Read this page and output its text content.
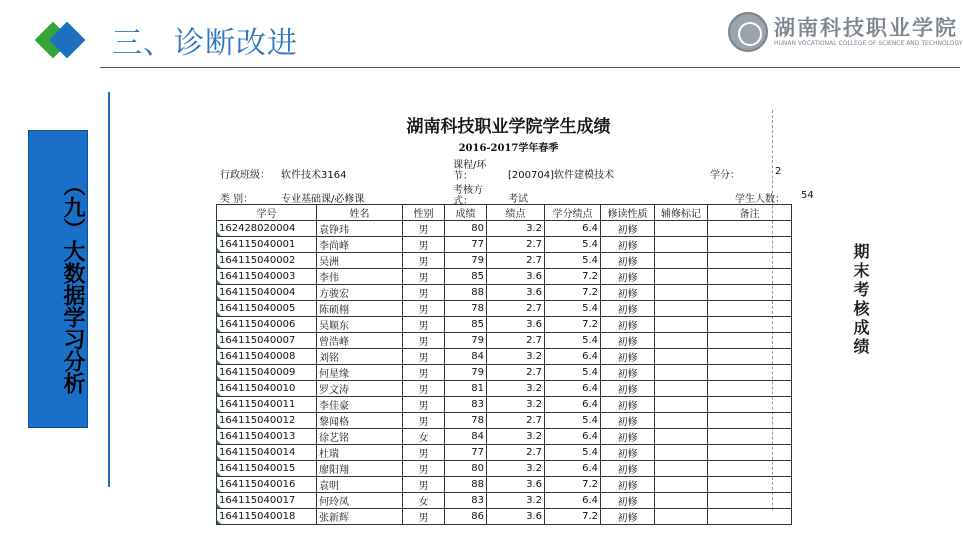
三、诊断改进	湖南科技职业学院
HUNAN VOCATIONAL COLLEGE OF SCIENCE AND TECHNOLOGY
（九）大数据学习分析	期末考核成绩
湖南科技职业学院学生成绩
2016-2017学年春季
行政班级： 软件技术3164
课程/环节：	[200704]软件建模技术	学分：	2
类 别：	专业基础课/必修课
考核方式：	考试	学生人数： 54
学号	姓名	性别	成绩	绩点	学分绩点	修读性质	辅修标记	备注
162428020004	袁铮玮	男	80	3.2	6.4	初修		
164115040001	李尚峰	男	77	2.7	5.4	初修		
164115040002	吴洲	男	79	2.7	5.4	初修		
164115040003	李伟	男	85	3.6	7.2	初修		
164115040004	方骏宏	男	88	3.6	7.2	初修		
164115040005	陈硕栩	男	78	2.7	5.4	初修		
164115040006	吴顺东	男	85	3.6	7.2	初修		
164115040007	曾浩峰	男	79	2.7	5.4	初修		
164115040008	刘铭	男	84	3.2	6.4	初修		
164115040009	何星缘	男	79	2.7	5.4	初修		
164115040010	罗文涛	男	81	3.2	6.4	初修		
164115040011	李佳豪	男	83	3.2	6.4	初修		
164115040012	黎闻格	男	78	2.7	5.4	初修		
164115040013	徐艺铭	女	84	3.2	6.4	初修		
164115040014	杜瑞	男	77	2.7	5.4	初修		
164115040015	廖阳翔	男	80	3.2	6.4	初修		
164115040016	袁明	男	88	3.6	7.2	初修		
164115040017	何玲凤	女	83	3.2	6.4	初修		
164115040018	张新辉	男	86	3.6	7.2	初修		
